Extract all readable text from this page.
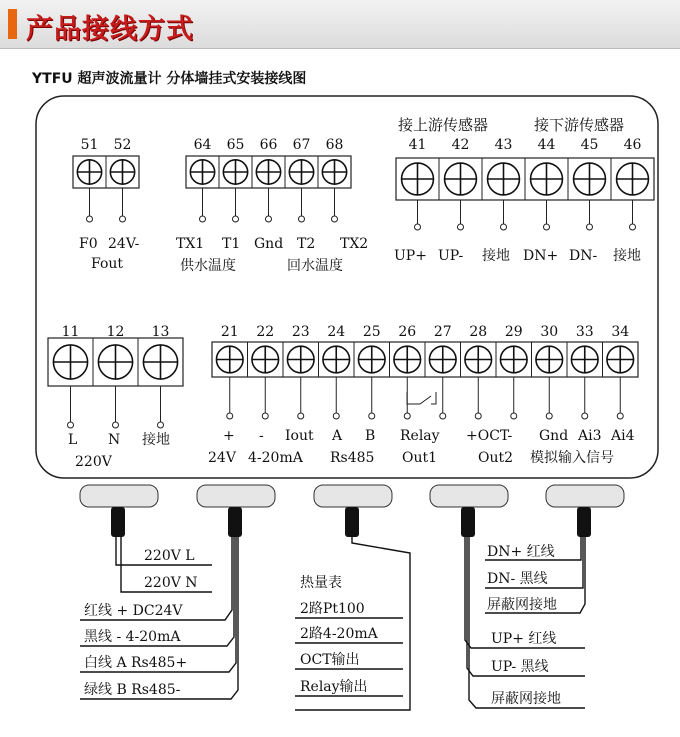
产品接线方式
YTFU 超声波流量计 分体墙挂式安装接线图
51 52	64 65 66 67 68	41 42 43 44 45 46
11 12 13	21 22 23 24 25 26 27 28 29 30 33 34
接上游传感器	接下游传感器
F0 24V-
Fout
TX1 T1 Gnd T2 TX2
供水温度	回水温度
UP+ UP- 接地 DN+ DN- 接地
L N 接地
220V
+ - Iout A B Relay +OCT- Gnd Ai3 Ai4
24V 4-20mA Rs485 Out1	Out2 模拟输入信号
220V L
220V N
红线 + DC24V
黑线 - 4-20mA
白线 A Rs485+
绿线 B Rs485-
热量表
2路Pt100
2路4-20mA
OCT输出
Relay输出
DN+ 红线
DN- 黑线
屏蔽网接地
UP+ 红线
UP- 黑线
屏蔽网接地
